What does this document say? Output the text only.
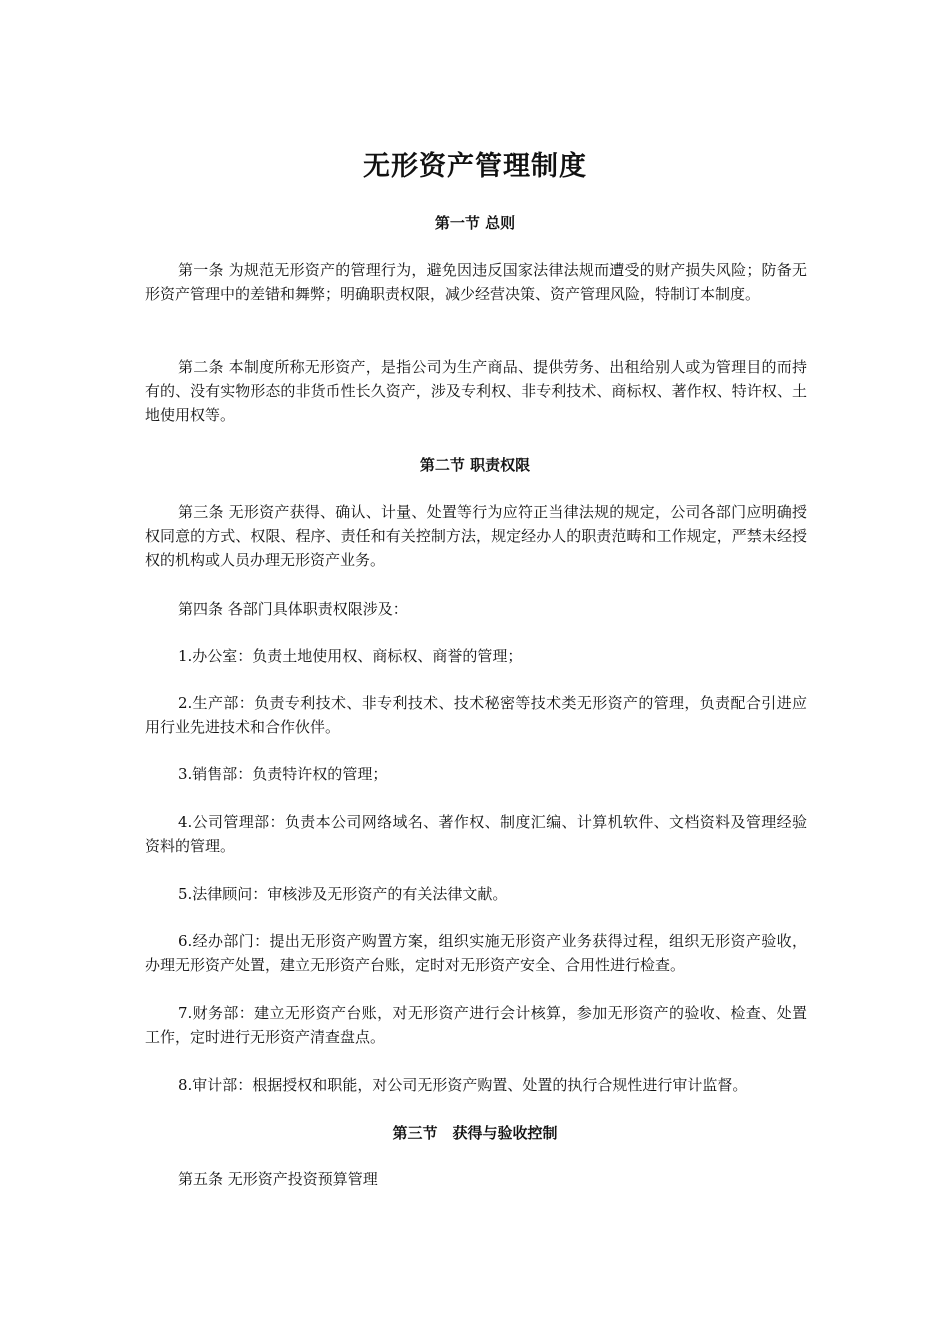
无形资产管理制度
第一节 总则

第一条 为规范无形资产的管理行为，避免因违反国家法律法规而遭受的财产损失风险；防备无形资产管理中的差错和舞弊；明确职责权限，减少经营决策、资产管理风险，特制订本制度。

第二条 本制度所称无形资产，是指公司为生产商品、提供劳务、出租给别人或为管理目的而持有的、没有实物形态的非货币性长久资产，涉及专利权、非专利技术、商标权、著作权、特许权、土地使用权等。

第二节 职责权限

第三条 无形资产获得、确认、计量、处置等行为应符正当律法规的规定，公司各部门应明确授权同意的方式、权限、程序、责任和有关控制方法，规定经办人的职责范畴和工作规定，严禁未经授权的机构或人员办理无形资产业务。

第四条 各部门具体职责权限涉及：

1.办公室：负责土地使用权、商标权、商誉的管理；

2.生产部：负责专利技术、非专利技术、技术秘密等技术类无形资产的管理，负责配合引进应用行业先进技术和合作伙伴。

3.销售部：负责特许权的管理；

4.公司管理部：负责本公司网络域名、著作权、制度汇编、计算机软件、文档资料及管理经验资料的管理。

5.法律顾问：审核涉及无形资产的有关法律文献。

6.经办部门：提出无形资产购置方案，组织实施无形资产业务获得过程，组织无形资产验收，办理无形资产处置，建立无形资产台账，定时对无形资产安全、合用性进行检查。

7.财务部：建立无形资产台账，对无形资产进行会计核算，参加无形资产的验收、检查、处置工作，定时进行无形资产清查盘点。

8.审计部：根据授权和职能，对公司无形资产购置、处置的执行合规性进行审计监督。

第三节　获得与验收控制

第五条 无形资产投资预算管理
